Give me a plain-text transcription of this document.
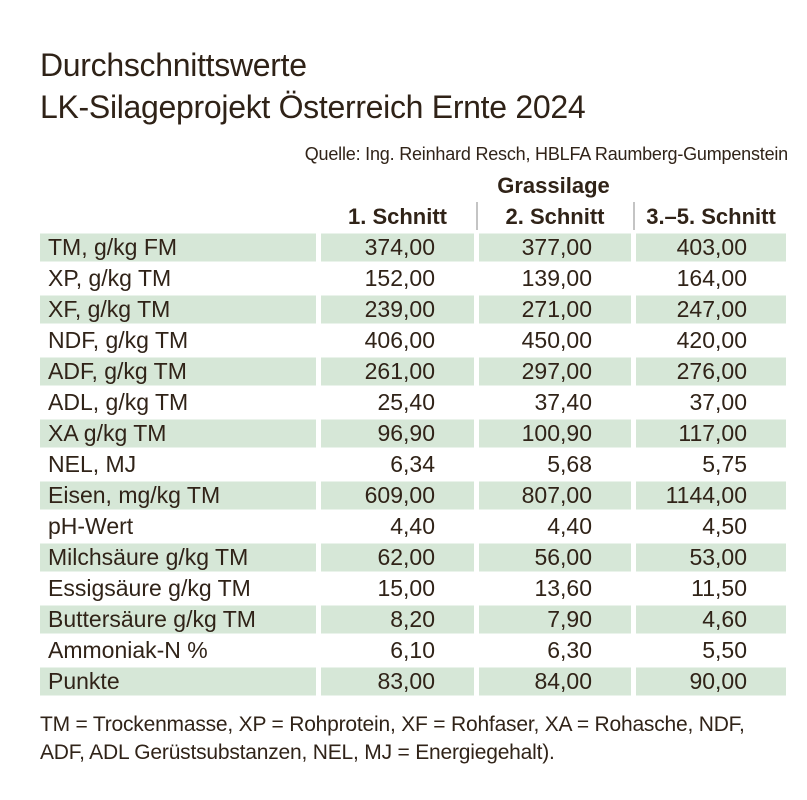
Durchschnittswerte
LK-Silageprojekt Österreich Ernte 2024
Quelle: Ing. Reinhard Resch, HBLFA Raumberg-Gumpenstein
Grassilage
1. Schnitt	2. Schnitt	3.–5. Schnitt
TM, g/kg FM	374,00	377,00	403,00
XP, g/kg TM	152,00	139,00	164,00
XF, g/kg TM	239,00	271,00	247,00
NDF, g/kg TM	406,00	450,00	420,00
ADF, g/kg TM	261,00	297,00	276,00
ADL, g/kg TM	25,40	37,40	37,00
XA g/kg TM	96,90	100,90	117,00
NEL, MJ	6,34	5,68	5,75
Eisen, mg/kg TM	609,00	807,00	1144,00
pH-Wert	4,40	4,40	4,50
Milchsäure g/kg TM	62,00	56,00	53,00
Essigsäure g/kg TM	15,00	13,60	11,50
Buttersäure g/kg TM	8,20	7,90	4,60
Ammoniak-N %	6,10	6,30	5,50
Punkte	83,00	84,00	90,00
TM = Trockenmasse, XP = Rohprotein, XF = Rohfaser, XA = Rohasche, NDF,
ADF, ADL Gerüstsubstanzen, NEL, MJ = Energiegehalt).
